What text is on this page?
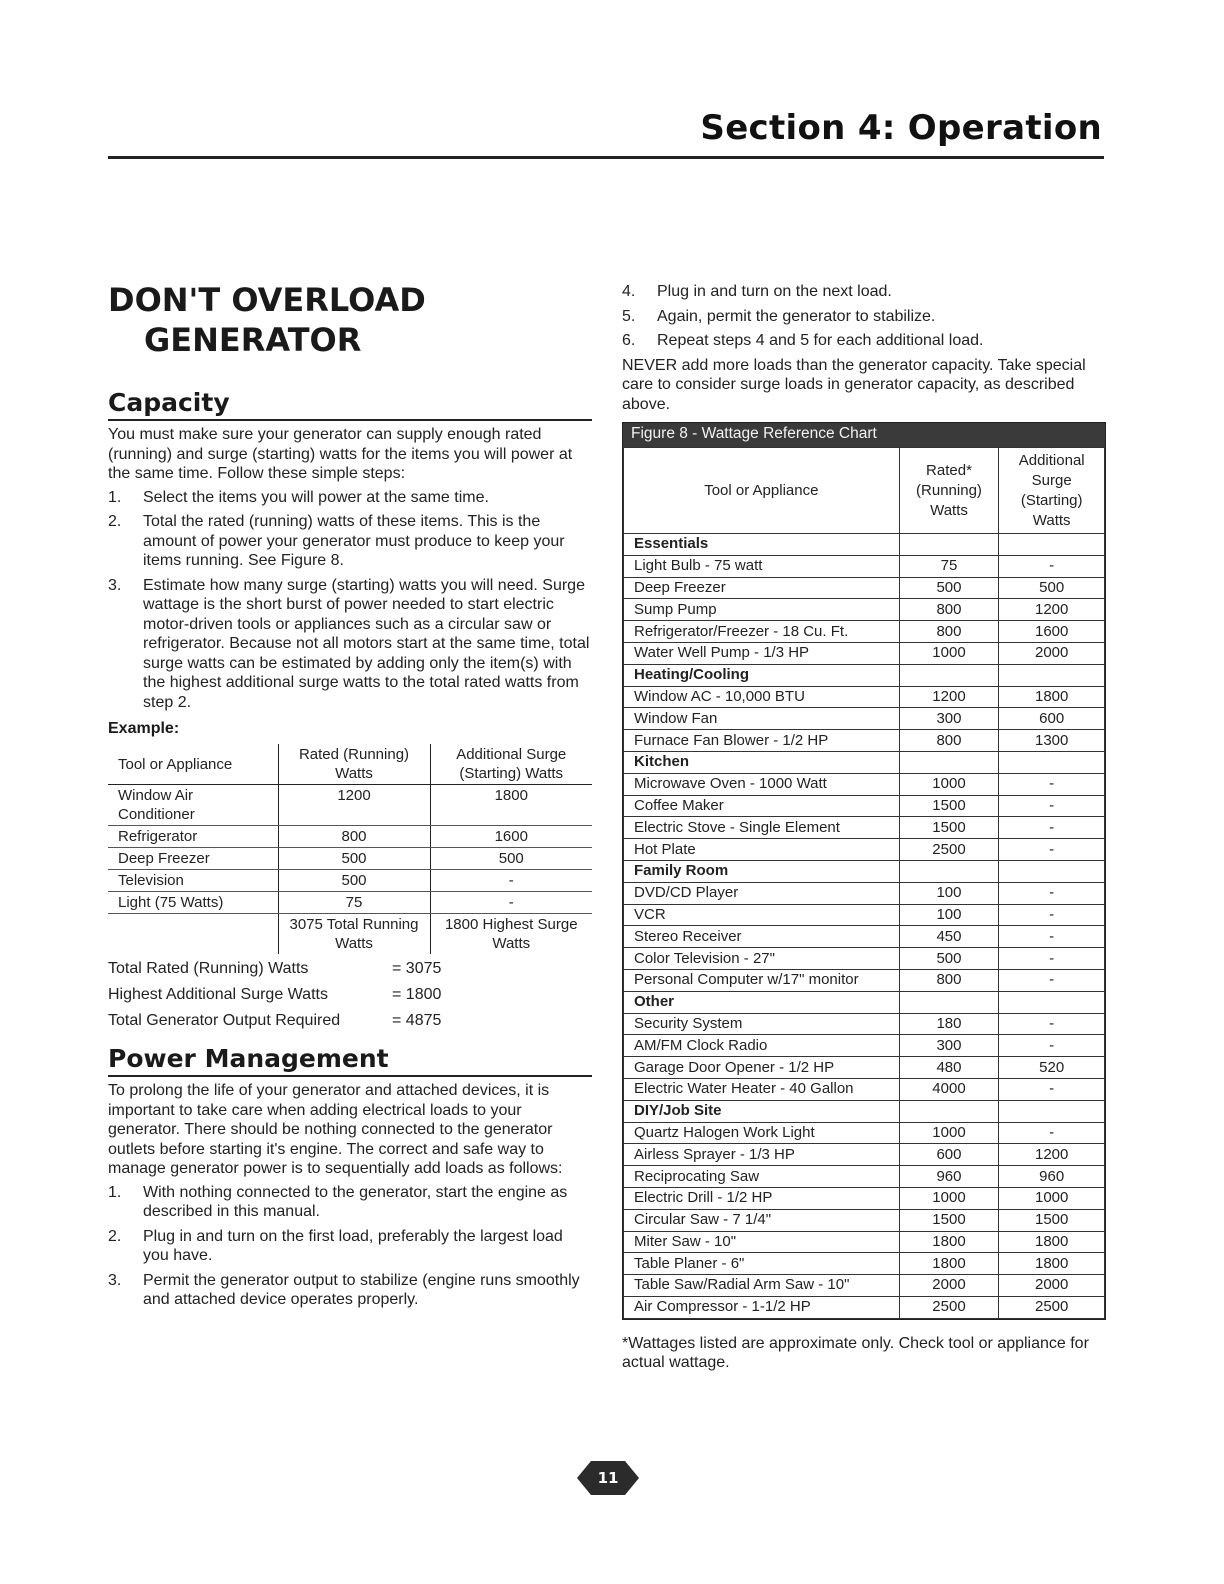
Section 4: Operation
DON'T OVERLOAD
GENERATOR
Capacity

You must make sure your generator can supply enough rated (running) and surge (starting) watts for the items you will power at the same time. Follow these simple steps:

1. Select the items you will power at the same time.
2. Total the rated (running) watts of these items. This is the amount of power your generator must produce to keep your items running. See Figure 8.
3. Estimate how many surge (starting) watts you will need. Surge wattage is the short burst of power needed to start electric motor-driven tools or appliances such as a circular saw or refrigerator. Because not all motors start at the same time, total surge watts can be estimated by adding only the item(s) with the highest additional surge watts to the total rated watts from step 2.
Example:
Tool or Appliance	Rated (Running) Watts	Additional Surge (Starting) Watts
Window Air Conditioner	1200	1800
Refrigerator	800	1600
Deep Freezer	500	500
Television	500	-
Light (75 Watts)	75	-
	3075 Total Running Watts	1800 Highest Surge Watts
Total Rated (Running) Watts	= 3075
Highest Additional Surge Watts	= 1800
Total Generator Output Required	= 4875
Power Management

To prolong the life of your generator and attached devices, it is important to take care when adding electrical loads to your generator. There should be nothing connected to the generator outlets before starting it's engine. The correct and safe way to manage generator power is to sequentially add loads as follows:

1. With nothing connected to the generator, start the engine as described in this manual.
2. Plug in and turn on the first load, preferably the largest load you have.
3. Permit the generator output to stabilize (engine runs smoothly and attached device operates properly.
4. Plug in and turn on the next load.
5. Again, permit the generator to stabilize.
6. Repeat steps 4 and 5 for each additional load.

NEVER add more loads than the generator capacity. Take special care to consider surge loads in generator capacity, as described above.

Figure 8 - Wattage Reference Chart
Tool or Appliance	Rated* (Running) Watts	Additional Surge (Starting) Watts
Essentials		
Light Bulb - 75 watt	75	-
Deep Freezer	500	500
Sump Pump	800	1200
Refrigerator/Freezer - 18 Cu. Ft.	800	1600
Water Well Pump - 1/3 HP	1000	2000
Heating/Cooling		
Window AC - 10,000 BTU	1200	1800
Window Fan	300	600
Furnace Fan Blower - 1/2 HP	800	1300
Kitchen		
Microwave Oven - 1000 Watt	1000	-
Coffee Maker	1500	-
Electric Stove - Single Element	1500	-
Hot Plate	2500	-
Family Room		
DVD/CD Player	100	-
VCR	100	-
Stereo Receiver	450	-
Color Television - 27"	500	-
Personal Computer w/17" monitor	800	-
Other		
Security System	180	-
AM/FM Clock Radio	300	-
Garage Door Opener - 1/2 HP	480	520
Electric Water Heater - 40 Gallon	4000	-
DIY/Job Site		
Quartz Halogen Work Light	1000	-
Airless Sprayer - 1/3 HP	600	1200
Reciprocating Saw	960	960
Electric Drill - 1/2 HP	1000	1000
Circular Saw - 7 1/4"	1500	1500
Miter Saw - 10"	1800	1800
Table Planer - 6"	1800	1800
Table Saw/Radial Arm Saw - 10"	2000	2000
Air Compressor - 1-1/2 HP	2500	2500

*Wattages listed are approximate only. Check tool or appliance for actual wattage.

11
